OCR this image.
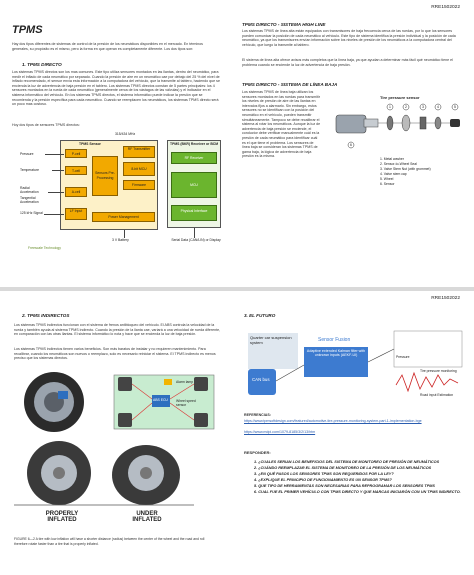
RRE1502022
TPMS
Hay dos tipos diferentes de sistemas de control de la presión de los neumáticos disponibles en el mercado. En términos generales, su propósito es el mismo, pero la forma en que operan es completamente diferente. Los dos tipos son:
1. TPMS DIRECTO
Los sistemas TPMS directos son los mas comunes. Este tipo utiliza sensores montados en las llantas, dentro del neumático, para medir el inflado de cada neumático por separado. Cuando la presión de aire en un neumático cae por debajo del 25 % del nivel de inflado recomendado, el sensor envía esta información a la computadora del vehículo, que la transmite al tablero, haciendo que se encienda la luz de advertencia de baja presión en el tablero. Los sistemas TPMS directos constan de 5 partes principales: los 4 sensores montados en la rueda de cada neumático (generalmente cerca de los vástagos de las válvulas) y el indicador en el sistema informático del vehículo. En los sistemas TPMS directos, el sistema informático puede indicar la presión que se recomienda y la presión específica para cada neumático. Cuando se reemplacen los neumáticos, los sistemas TPMS directo será un poco mas costoso.
Hoy dos tipos de sensores TPMS directos:
315/434 MHz
TPMS Sensor	TPMS (BKR) Receiver or BCM
Pressure
Temperature
Radial Acceleration
Tangential Acceleration
125 kHz Signal
P-cell
T-cell
A-cell
LF Input
Sensors Pre-Processing
RF Transmitter
8-bit MCU
Firmware
Power Management
RF Receiver
MCU
Physical Interface
3 V Battery	Serial Data (CAN/LIN) or Display
Freescale Technology
TPMS DIRECTO - SISTEMA HIGH LINE
Los sistemas TPMS de línea alta están equipados con transmisores de baja frecuencia cerca de las ruedas, por lo que los sensores pueden comunicar la posición de cada neumático al vehículo. Este tipo de sistema identifica la presión individual y la posición de cada neumático, ya que los transmisores envían información sobre los niveles de presión de los neumáticos a la computadora central del vehículo, que luego la transmite al tablero.
El sistema de línea alta ofrece avisos más completos que la línea baja, ya que ayudan a determinar más fácil qué neumático tiene el problema cuando se enciende la luz de advertencia de baja presión.
TPMS DIRECTO - SISTEMA DE LÍNEA BAJA
Los sistemas TPMS de línea baja utilizan los sensores montados en las ruedas para transmitir los niveles de presión de aire de las llantas en intervalos fijos a alarmarlo. Sin embargo, estos sensores no se identifican con la posición del neumático en el vehículo, pueden transmitir simultáneamente. Tampoco se debe recalibrar el sistema al rotar los neumáticos. Aunque la luz de advertencia de baja presión se enciende, el conductor debe verificar manualmente cuál es la presión de cada neumático para identificar cuál es el que tiene el problema. Los sensores de línea baja se consideran los sistemas TPMS de gama baja, la lógica de advertencia de baja presión es la misma.
Tire pressure sensor
1	2	3	4	5
6
1. Metal washer
2. Sensor-to-Wheel Seal
3. Valve Stem Nut (with grommet)
4. Valve stem cap
5. Wheel
6. Sensor
RRE1502022
2. TPMS INDIRECTOS
Los sistemas TPMS indirectos funcionan con el sistema de frenos antibloqueo del vehículo. El ABS controla la velocidad de la rueda y también ayuda al sistema TPMS indirecto. Cuando la presión de la llanta cae, varíará a una velocidad de rueda diferente, en comparación con las otras llantas. El sistema informático lo nota y hace que se encienda la luz de baja presión.
Los sistemas TPMS indirectos tienen varios beneficios. Son más baratos de instalar y no requieren mantenimiento. Para recalibrar, cuando los neumáticos son nuevos o reemplazo, solo es necesario reiniciar el sistema. El TPMS indirecto es menos preciso que los sistemas directos.
Alarm lamp
ABS ECU Wheel speed sensor
PROPERLY INFLATED
UNDER INFLATED
FIGURE 6—2 A tire with low inflation will have a shorter distance (radius) between the center of the wheel and the road and roll therefore rotate faster than a tire that is properly inflated.
3. EL FUTURO
Quarter car suspension system	Sensor Fusion
CAN bus
Adaptive extended Kalman filter with unknown inputs (AEKF-UI)
Tire pressure monitoring
Pressure
Road input Estimation
REFERENCIAS:
https://www.tpmsoftdesign.com/featured/automotive-tire-pressure-monitoring-system-part-1-implementation-bge
https://www.mdpi.com/1079-8185/3/2/13/htm
RESPONDER:
1. ¿CUALES SERIAN LOS BENEFICIOS DEL SISTEMA DE MONITOREO DE PRESIÓN DE NEUMÁTICOS
2. ¿CUÁNDO REEMPLAZAR EL SISTEMA DE MONITOREO DE LA PRESIÓN DE LOS NEUMÁTICOS
3. ¿EN QUÉ PASOS LOS SENSORES TPMS SON REQUERIDOS POR LA LEY?
4. ¿EXPLIQUE EL PRINCIPIO DE FUNCIONAMIENTO ES UN SENSOR TPMS?
5. QUE TIPO DE HERRAMIENTAS SON NECESARIAS PARA REPROGRAMAR LOS SENSORES TPMS
6. CUAL FUE EL PRIMER VEHÍCULO CON TPMS DIRECTO Y QUE MARCAS INICIARÓN CON UN TPMS INDIRECTO.
